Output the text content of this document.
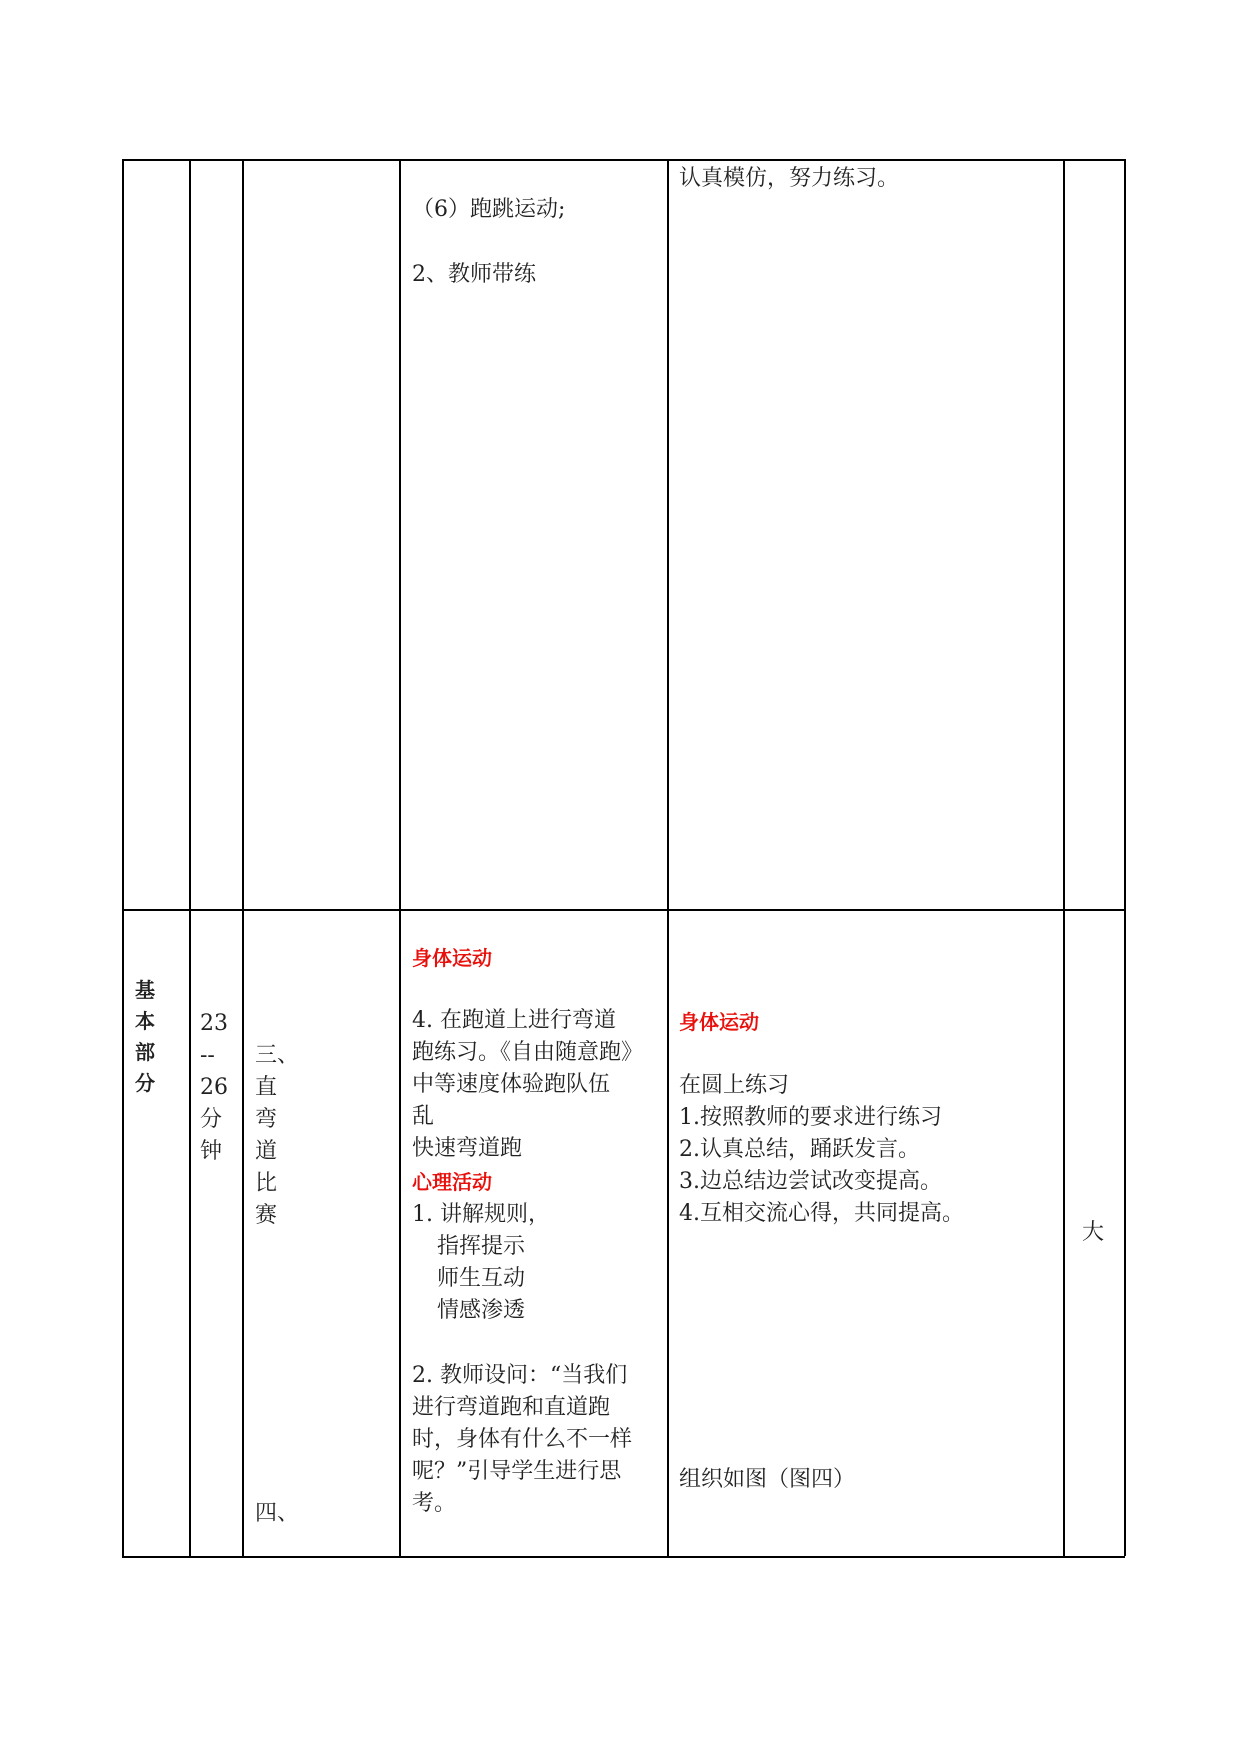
（6）跑跳运动;
2、教师带练
认真模仿，努力练习。
基
本
部
分
23
--
26
分
钟
三、
直
弯
道
比
赛
四、
身体运动
4. 在跑道上进行弯道
跑练习。《自由随意跑》
中等速度体验跑队伍
乱
快速弯道跑
心理活动
1. 讲解规则，
指挥提示
师生互动
情感渗透
2. 教师设问：“当我们
进行弯道跑和直道跑
时，身体有什么不一样
呢？”引导学生进行思
考。
身体运动
在圆上练习
1.按照教师的要求进行练习
2.认真总结，踊跃发言。
3.边总结边尝试改变提高。
4.互相交流心得，共同提高。
组织如图（图四）
大
